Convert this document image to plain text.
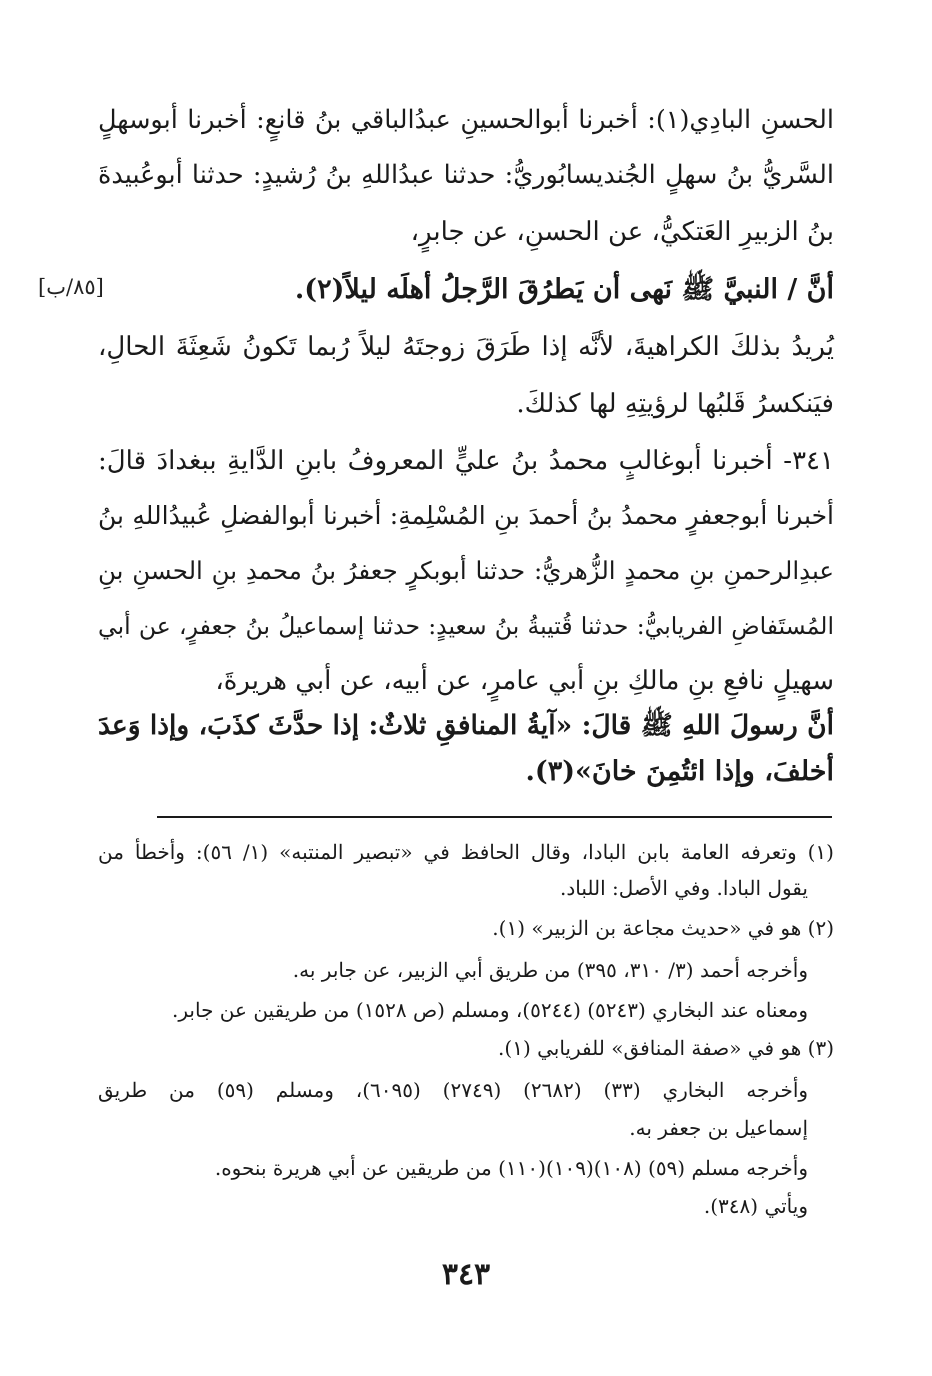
الحسنِ البادِي(١): أخبرنا أبوالحسينِ عبدُالباقي بنُ قانعٍ: أخبرنا أبوسهلٍ
السَّريُّ بنُ سهلٍ الجُنديسابُوريُّ: حدثنا عبدُاللهِ بنُ رُشيدٍ: حدثنا أبوعُبيدةَ
بنُ الزبيرِ العَتكيُّ، عن الحسنِ، عن جابرٍ،
أنَّ / النبيَّ ﷺ نَهى أن يَطرُقَ الرَّجلُ أهلَه ليلاً(٢).
[٨٥/ب]
يُريدُ بذلكَ الكراهيةَ، لأنَّه إذا طَرَقَ زوجتَهُ ليلاً رُبما تَكونُ شَعِثَةَ الحالِ،
فيَنكسرُ قَلبُها لرؤيتِهِ لها كذلكَ.
٣٤١- أخبرنا أبوغالبٍ محمدُ بنُ عليٍّ المعروفُ بابنِ الدَّايةِ ببغدادَ قالَ:
أخبرنا أبوجعفرٍ محمدُ بنُ أحمدَ بنِ المُسْلِمةِ: أخبرنا أبوالفضلِ عُبيدُاللهِ بنُ
عبدِالرحمنِ بنِ محمدٍ الزُّهريُّ: حدثنا أبوبكرٍ جعفرُ بنُ محمدِ بنِ الحسنِ بنِ
المُستَفاضِ الفريابيُّ: حدثنا قُتيبةُ بنُ سعيدٍ: حدثنا إسماعيلُ بنُ جعفرٍ، عن أبي
سهيلٍ نافعِ بنِ مالكِ بنِ أبي عامرٍ، عن أبيه، عن أبي هريرةَ،
أنَّ رسولَ اللهِ ﷺ قالَ: «آيةُ المنافقِ ثلاثٌ: إذا حدَّثَ كذَبَ، وإذا وَعدَ
أخلفَ، وإذا ائتُمِنَ خانَ»(٣).
(١) وتعرفه العامة بابن البادا، وقال الحافظ في «تبصير المنتبه» (١/ ٥٦): وأخطأ من
يقول البادا. وفي الأصل: اللباد.
(٢) هو في «حديث مجاعة بن الزبير» (١).
وأخرجه أحمد (٣/ ٣١٠، ٣٩٥) من طريق أبي الزبير، عن جابر به.
ومعناه عند البخاري (٥٢٤٣) (٥٢٤٤)، ومسلم (ص ١٥٢٨) من طريقين عن جابر.
(٣) هو في «صفة المنافق» للفريابي (١).
وأخرجه البخاري (٣٣) (٢٦٨٢) (٢٧٤٩) (٦٠٩٥)، ومسلم (٥٩) من طريق
إسماعيل بن جعفر به.
وأخرجه مسلم (٥٩) (١٠٨)(١٠٩)(١١٠) من طريقين عن أبي هريرة بنحوه.
ويأتي (٣٤٨).
٣٤٣
